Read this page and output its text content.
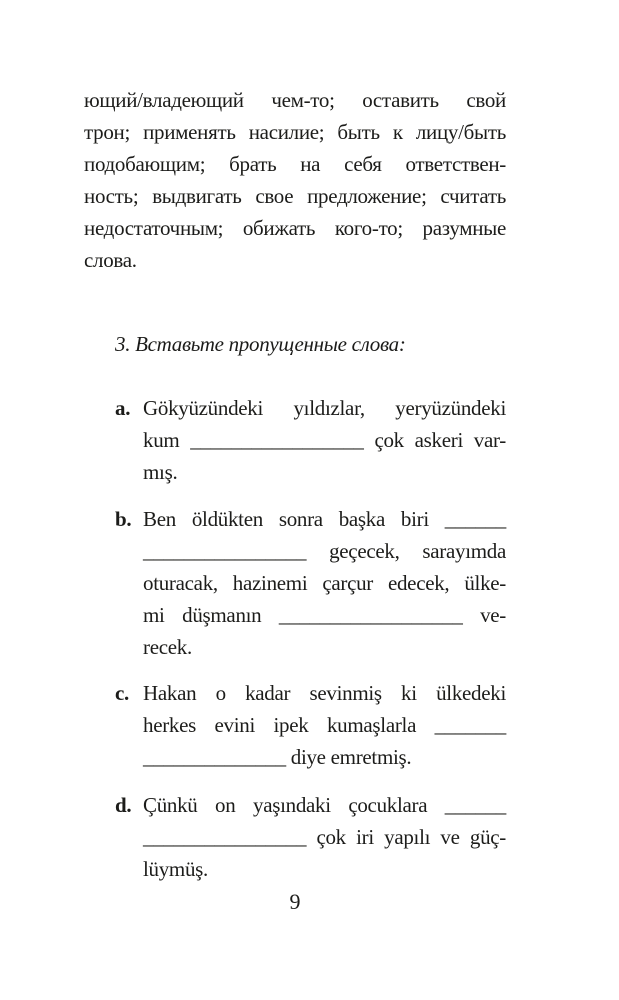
ющий/владеющий чем-то; оставить свой
трон; применять насилие; быть к лицу/быть
подобающим; брать на себя ответствен-
ность; выдвигать свое предложение; считать
недостаточным; обижать кого-то; разумные
слова.
3. Вставьте пропущенные слова:
a. Gökyüzündeki yıldızlar, yeryüzündeki
kum _________________ çok askeri var-
mış.
b. Ben öldükten sonra başka biri ______
________________ geçecek, sarayımda
oturacak, hazinemi çarçur edecek, ülke-
mi düşmanın __________________ ve-
recek.
c. Hakan o kadar sevinmiş ki ülkedeki
herkes evini ipek kumaşlarla _______
______________ diye emretmiş.
d. Çünkü on yaşındaki çocuklara ______
________________ çok iri yapılı ve güç-
lüymüş.
9
